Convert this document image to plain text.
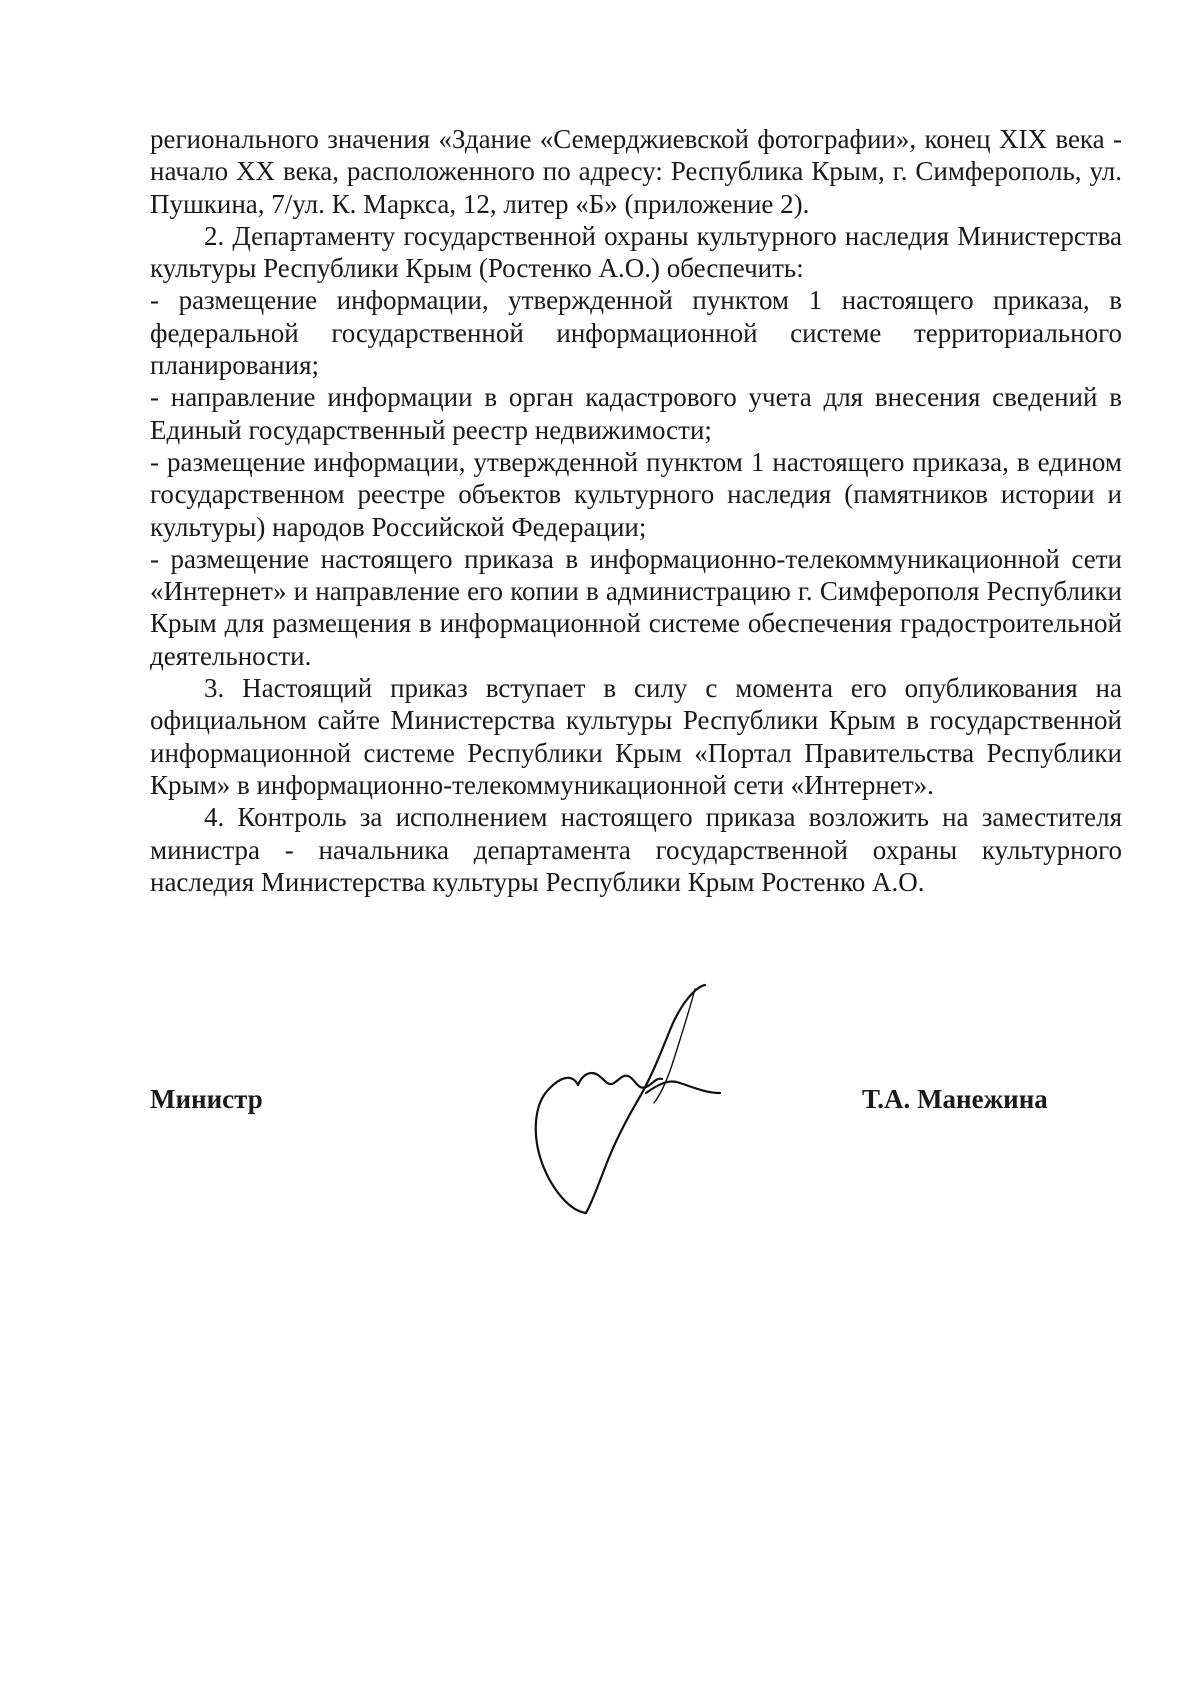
регионального значения «Здание «Семерджиевской фотографии», конец XIX века - начало XX века, расположенного по адресу: Республика Крым, г. Симферополь, ул. Пушкина, 7/ул. К. Маркса, 12, литер «Б» (приложение 2).

2. Департаменту государственной охраны культурного наследия Министерства культуры Республики Крым (Ростенко А.О.) обеспечить:

- размещение информации, утвержденной пунктом 1 настоящего приказа, в федеральной государственной информационной системе территориального планирования;

- направление информации в орган кадастрового учета для внесения сведений в Единый государственный реестр недвижимости;

- размещение информации, утвержденной пунктом 1 настоящего приказа, в едином государственном реестре объектов культурного наследия (памятников истории и культуры) народов Российской Федерации;

- размещение настоящего приказа в информационно-телекоммуникационной сети «Интернет» и направление его копии в администрацию г. Симферополя Республики Крым для размещения в информационной системе обеспечения градостроительной деятельности.

3. Настоящий приказ вступает в силу с момента его опубликования на официальном сайте Министерства культуры Республики Крым в государственной информационной системе Республики Крым «Портал Правительства Республики Крым» в информационно-телекоммуникационной сети «Интернет».

4. Контроль за исполнением настоящего приказа возложить на заместителя министра - начальника департамента государственной охраны культурного наследия Министерства культуры Республики Крым Ростенко А.О.

Министр	Т.А. Манежина
